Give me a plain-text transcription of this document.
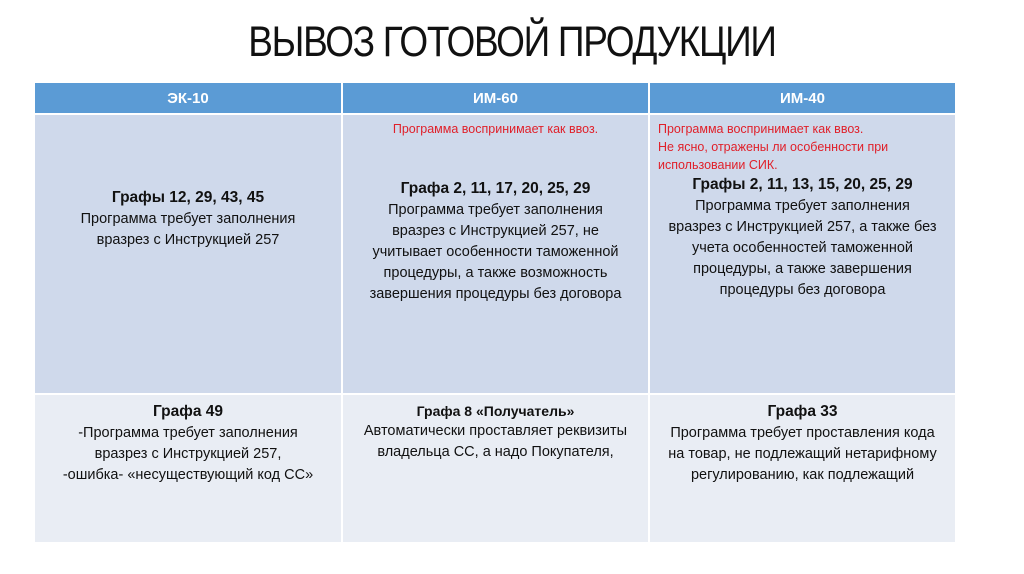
ВЫВОЗ ГОТОВОЙ ПРОДУКЦИИ
ЭК-10	ИМ-60	ИМ-40
Графы 12, 29, 43, 45
Программа требует заполнения
вразрез с Инструкцией 257
Программа воспринимает как ввоз.
Графа 2, 11, 17, 20, 25, 29
Программа требует заполнения
вразрез с Инструкцией 257, не
учитывает особенности таможенной
процедуры, а также возможность
завершения процедуры без договора
Программа воспринимает как ввоз.
Не ясно, отражены ли особенности при
использовании СИК.
Графы 2, 11, 13, 15, 20, 25, 29
Программа требует заполнения
вразрез с Инструкцией 257, а также без
учета особенностей таможенной
процедуры, а также завершения
процедуры без договора
Графа 49
-Программа требует заполнения
вразрез с Инструкцией 257,
-ошибка- «несуществующий код СС»
Графа 8 «Получатель»
Автоматически проставляет реквизиты
владельца СС, а надо Покупателя,
Графа 33
Программа требует проставления кода
на товар, не подлежащий нетарифному
регулированию, как подлежащий
